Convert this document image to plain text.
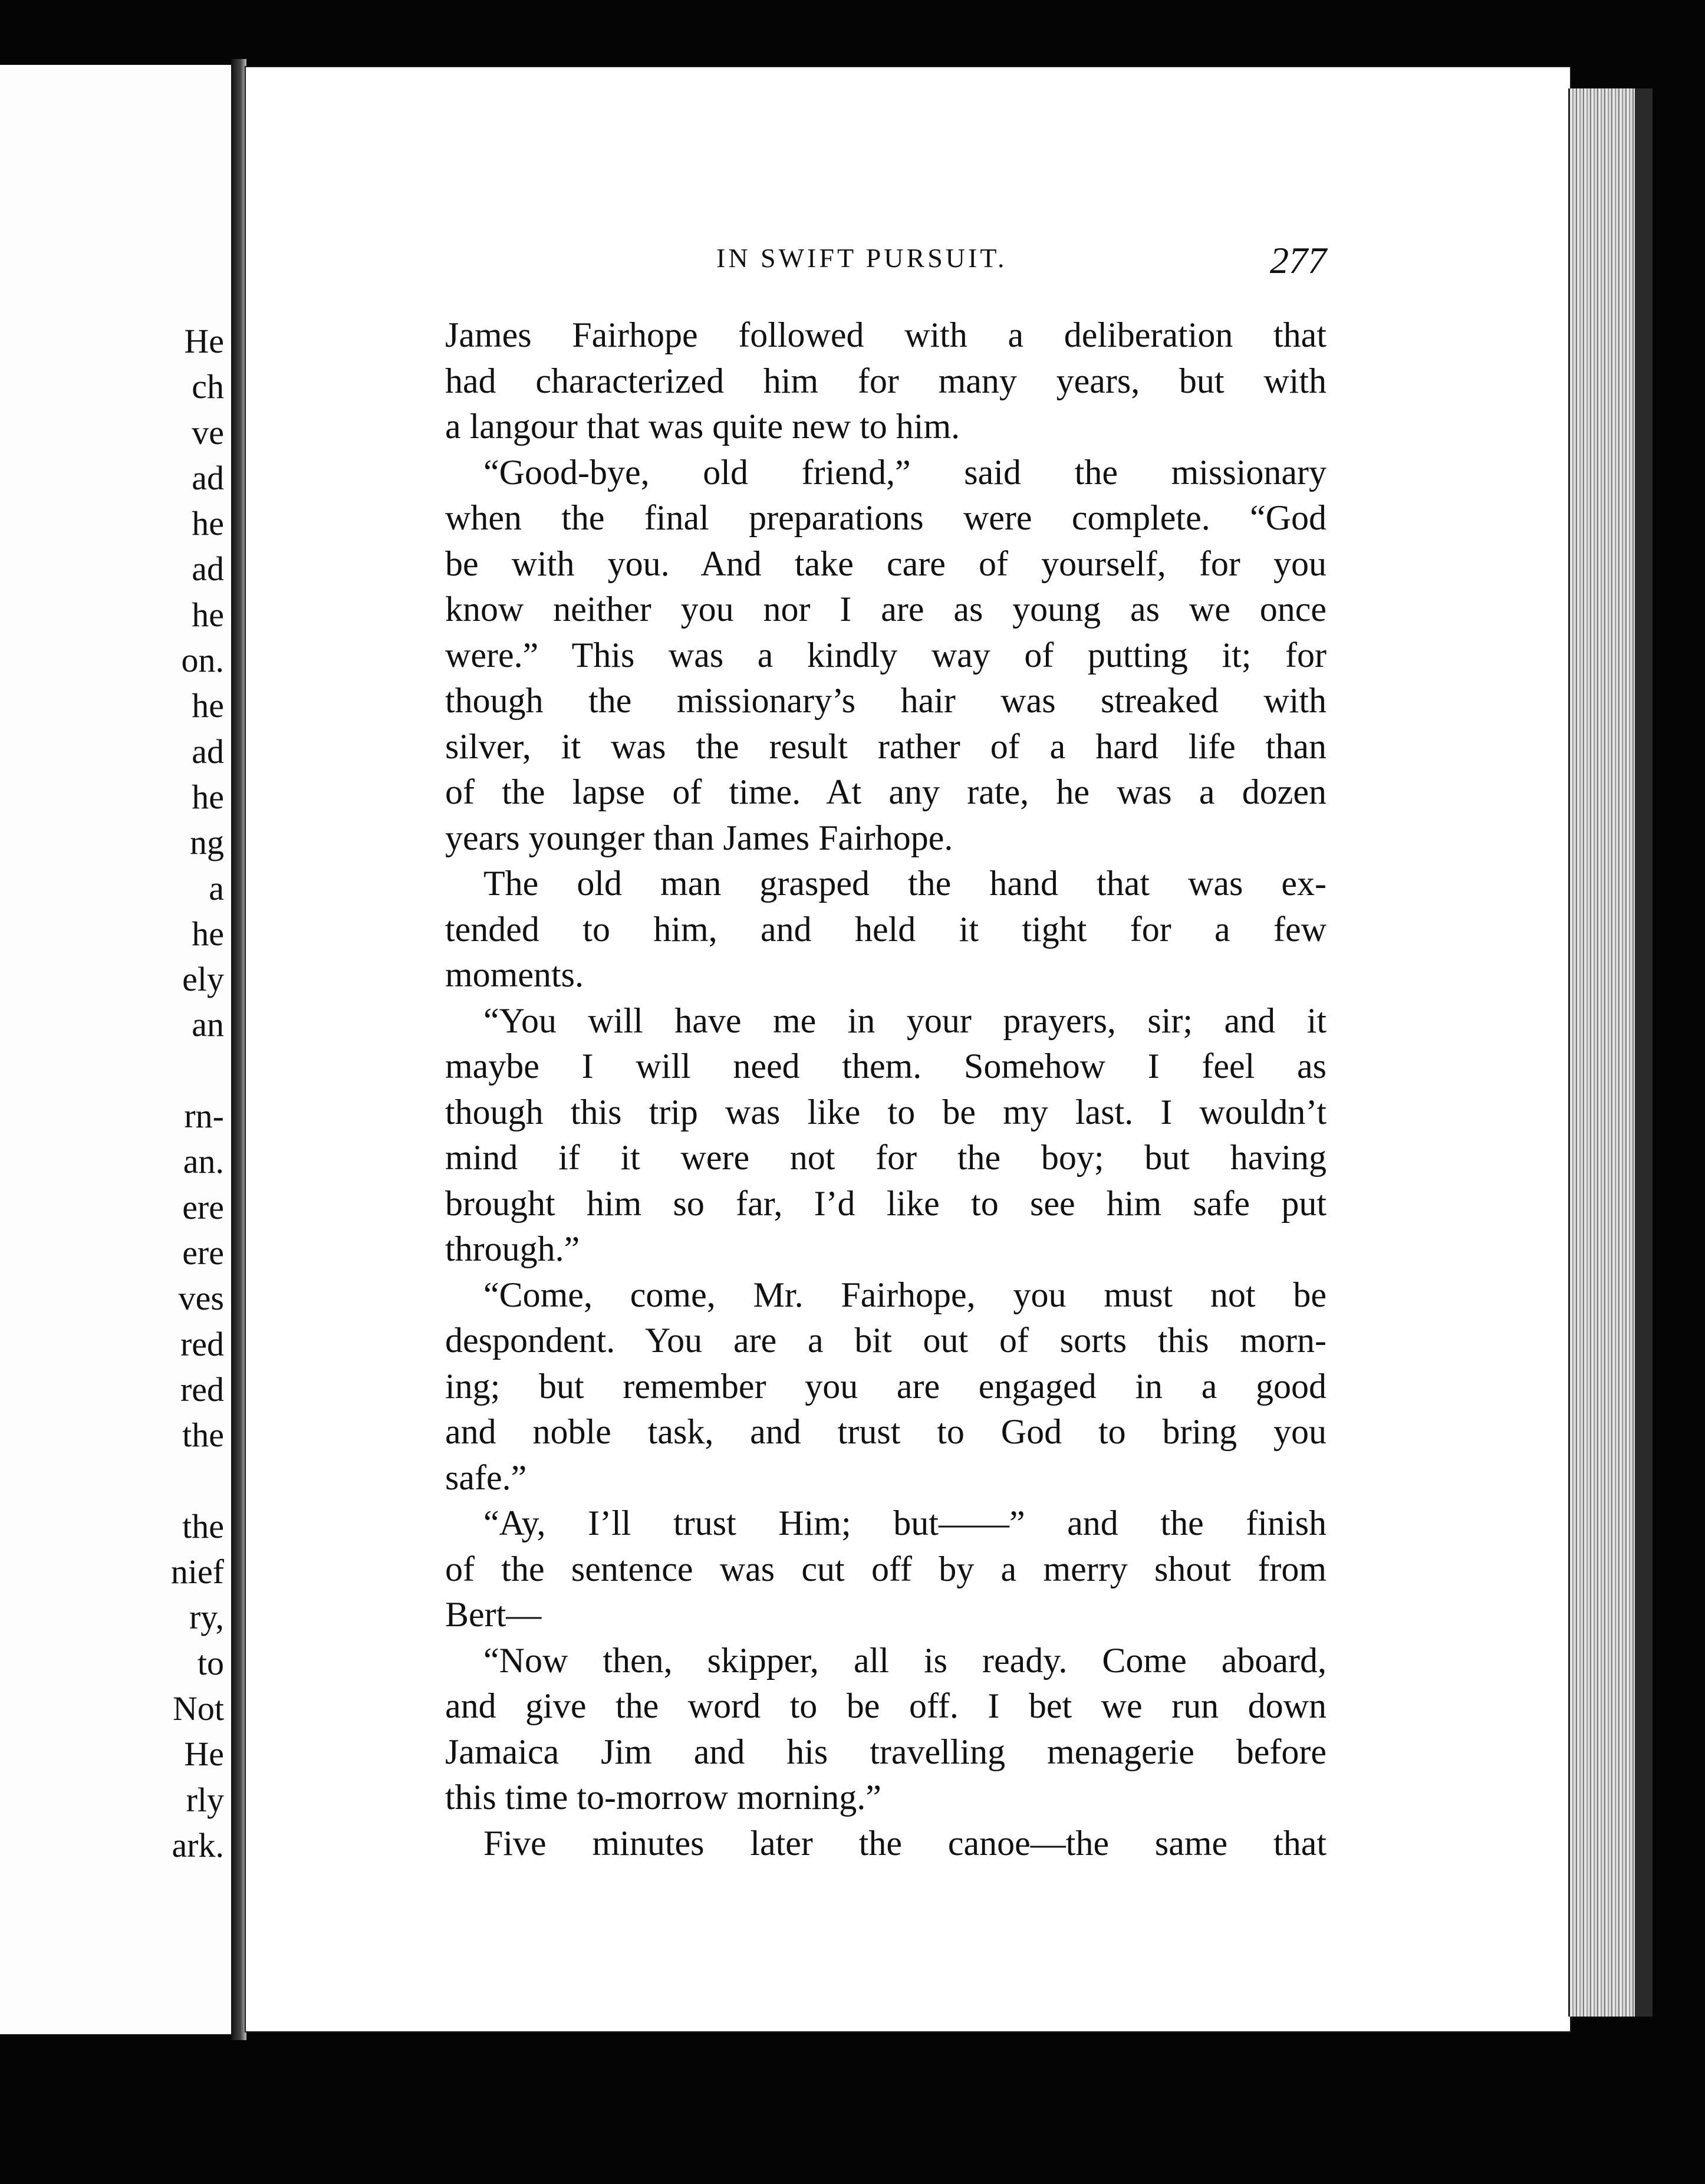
He
ch
ve
ad
he
ad
he
on.
he
ad
he
ng
a
he
ely
an
rn-
an.
ere
ere
ves
red
red
the
the
nief
ry,
to
Not
He
rly
ark.
IN SWIFT PURSUIT.	277
James Fairhope followed with a deliberation that
had characterized him for many years, but with
a langour that was quite new to him.
“Good-bye, old friend,” said the missionary
when the final preparations were complete. “God
be with you. And take care of yourself, for you
know neither you nor I are as young as we once
were.” This was a kindly way of putting it; for
though the missionary’s hair was streaked with
silver, it was the result rather of a hard life than
of the lapse of time. At any rate, he was a dozen
years younger than James Fairhope.
The old man grasped the hand that was ex-
tended to him, and held it tight for a few
moments.
“You will have me in your prayers, sir; and it
maybe I will need them. Somehow I feel as
though this trip was like to be my last. I wouldn’t
mind if it were not for the boy; but having
brought him so far, I’d like to see him safe put
through.”
“Come, come, Mr. Fairhope, you must not be
despondent. You are a bit out of sorts this morn-
ing; but remember you are engaged in a good
and noble task, and trust to God to bring you
safe.”
“Ay, I’ll trust Him; but——” and the finish
of the sentence was cut off by a merry shout from
Bert—
“Now then, skipper, all is ready. Come aboard,
and give the word to be off. I bet we run down
Jamaica Jim and his travelling menagerie before
this time to-morrow morning.”
Five minutes later the canoe—the same that
